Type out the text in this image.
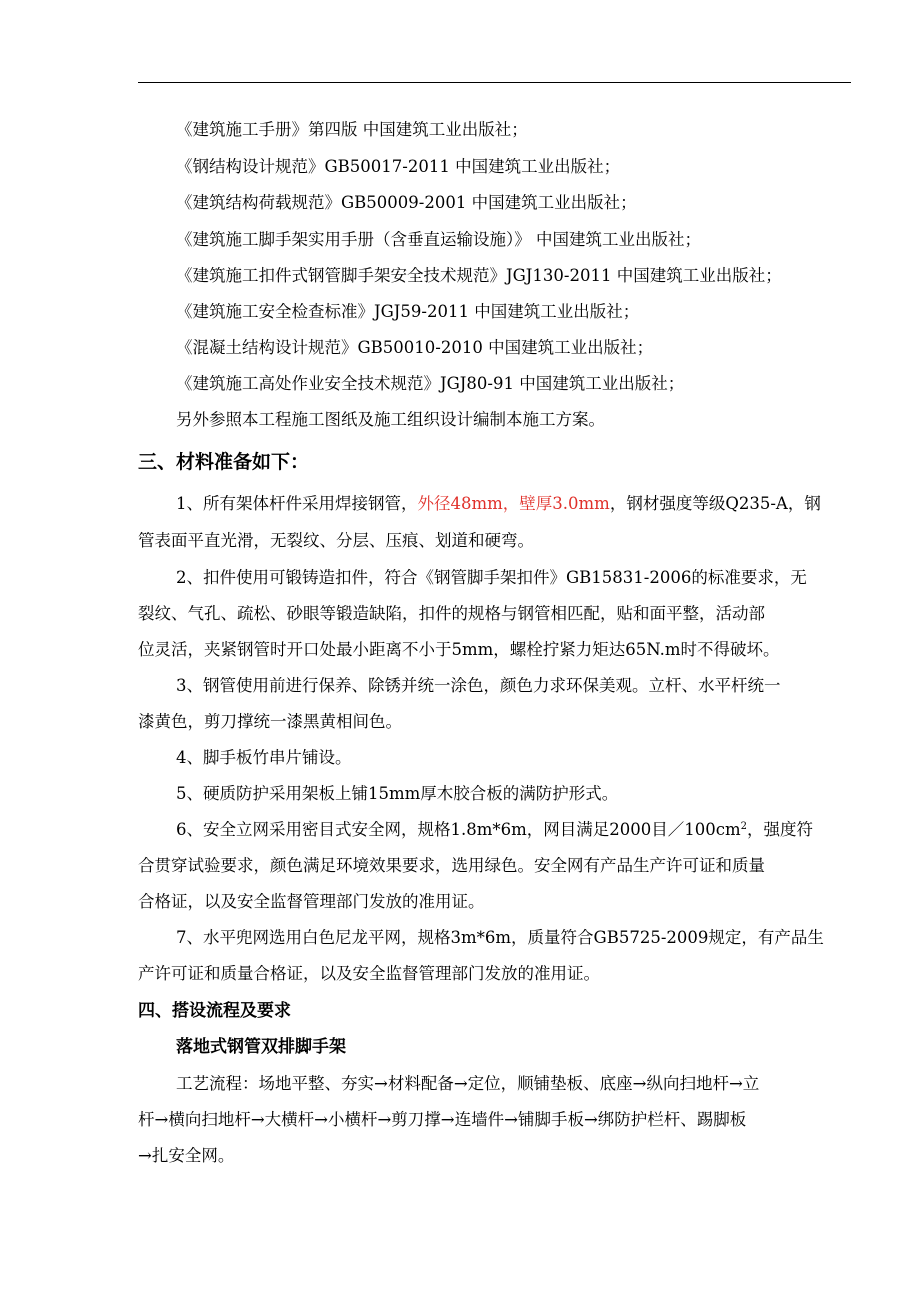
《建筑施工手册》第四版 中国建筑工业出版社；
《钢结构设计规范》GB50017-2011 中国建筑工业出版社；
《建筑结构荷载规范》GB50009-2001 中国建筑工业出版社；
《建筑施工脚手架实用手册（含垂直运输设施）》 中国建筑工业出版社；
《建筑施工扣件式钢管脚手架安全技术规范》JGJ130-2011 中国建筑工业出版社；
《建筑施工安全检查标准》JGJ59-2011 中国建筑工业出版社；
《混凝土结构设计规范》GB50010-2010 中国建筑工业出版社；
《建筑施工高处作业安全技术规范》JGJ80-91 中国建筑工业出版社；
另外参照本工程施工图纸及施工组织设计编制本施工方案。
三、材料准备如下：
1、所有架体杆件采用焊接钢管，外径48mm，壁厚3.0mm，钢材强度等级Q235-A，钢
管表面平直光滑，无裂纹、分层、压痕、划道和硬弯。
2、扣件使用可锻铸造扣件，符合《钢管脚手架扣件》GB15831-2006的标准要求，无
裂纹、气孔、疏松、砂眼等锻造缺陷，扣件的规格与钢管相匹配，贴和面平整，活动部
位灵活，夹紧钢管时开口处最小距离不小于5mm，螺栓拧紧力矩达65N.m时不得破坏。
3、钢管使用前进行保养、除锈并统一涂色，颜色力求环保美观。立杆、水平杆统一
漆黄色，剪刀撑统一漆黑黄相间色。
4、脚手板竹串片铺设。
5、硬质防护采用架板上铺15mm厚木胶合板的满防护形式。
6、安全立网采用密目式安全网，规格1.8m*6m，网目满足2000目$/100cm^2$，强度符
合贯穿试验要求，颜色满足环境效果要求，选用绿色。安全网有产品生产许可证和质量
合格证，以及安全监督管理部门发放的准用证。
7、水平兜网选用白色尼龙平网，规格3m*6m，质量符合GB5725-2009规定，有产品生
产许可证和质量合格证，以及安全监督管理部门发放的准用证。
四、搭设流程及要求
落地式钢管双排脚手架
工艺流程：场地平整、夯实→材料配备→定位，顺铺垫板、底座→纵向扫地杆→立
杆→横向扫地杆→大横杆→小横杆→剪刀撑→连墙件→铺脚手板→绑防护栏杆、踢脚板
→扎安全网。
